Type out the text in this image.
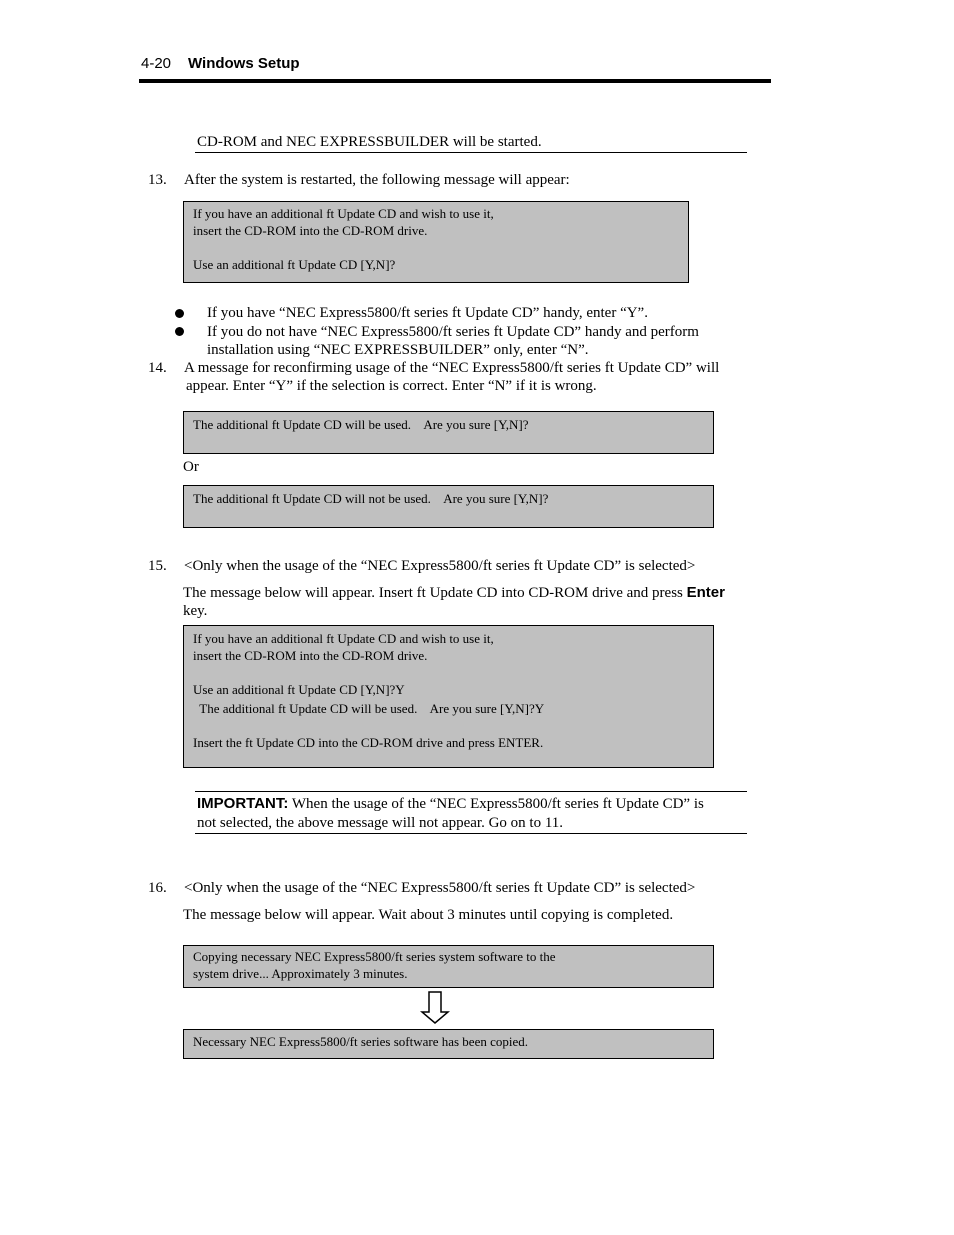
4-20 Windows Setup
CD-ROM and NEC EXPRESSBUILDER will be started.
13. After the system is restarted, the following message will appear:
If you have an additional ft Update CD and wish to use it,
insert the CD-ROM into the CD-ROM drive.
Use an additional ft Update CD [Y,N]?
If you have “NEC Express5800/ft series ft Update CD” handy, enter “Y”.
If you do not have “NEC Express5800/ft series ft Update CD” handy and perform
installation using “NEC EXPRESSBUILDER” only, enter “N”.
14. A message for reconfirming usage of the “NEC Express5800/ft series ft Update CD” will
appear. Enter “Y” if the selection is correct. Enter “N” if it is wrong.
The additional ft Update CD will be used.    Are you sure [Y,N]?
Or
The additional ft Update CD will not be used.    Are you sure [Y,N]?
15. <Only when the usage of the “NEC Express5800/ft series ft Update CD” is selected>
The message below will appear. Insert ft Update CD into CD-ROM drive and press Enter
key.
If you have an additional ft Update CD and wish to use it,
insert the CD-ROM into the CD-ROM drive.
Use an additional ft Update CD [Y,N]?Y
The additional ft Update CD will be used.    Are you sure [Y,N]?Y
Insert the ft Update CD into the CD-ROM drive and press ENTER.
IMPORTANT: When the usage of the “NEC Express5800/ft series ft Update CD” is
not selected, the above message will not appear. Go on to 11.
16. <Only when the usage of the “NEC Express5800/ft series ft Update CD” is selected>
The message below will appear. Wait about 3 minutes until copying is completed.
Copying necessary NEC Express5800/ft series system software to the
system drive... Approximately 3 minutes.
Necessary NEC Express5800/ft series software has been copied.
